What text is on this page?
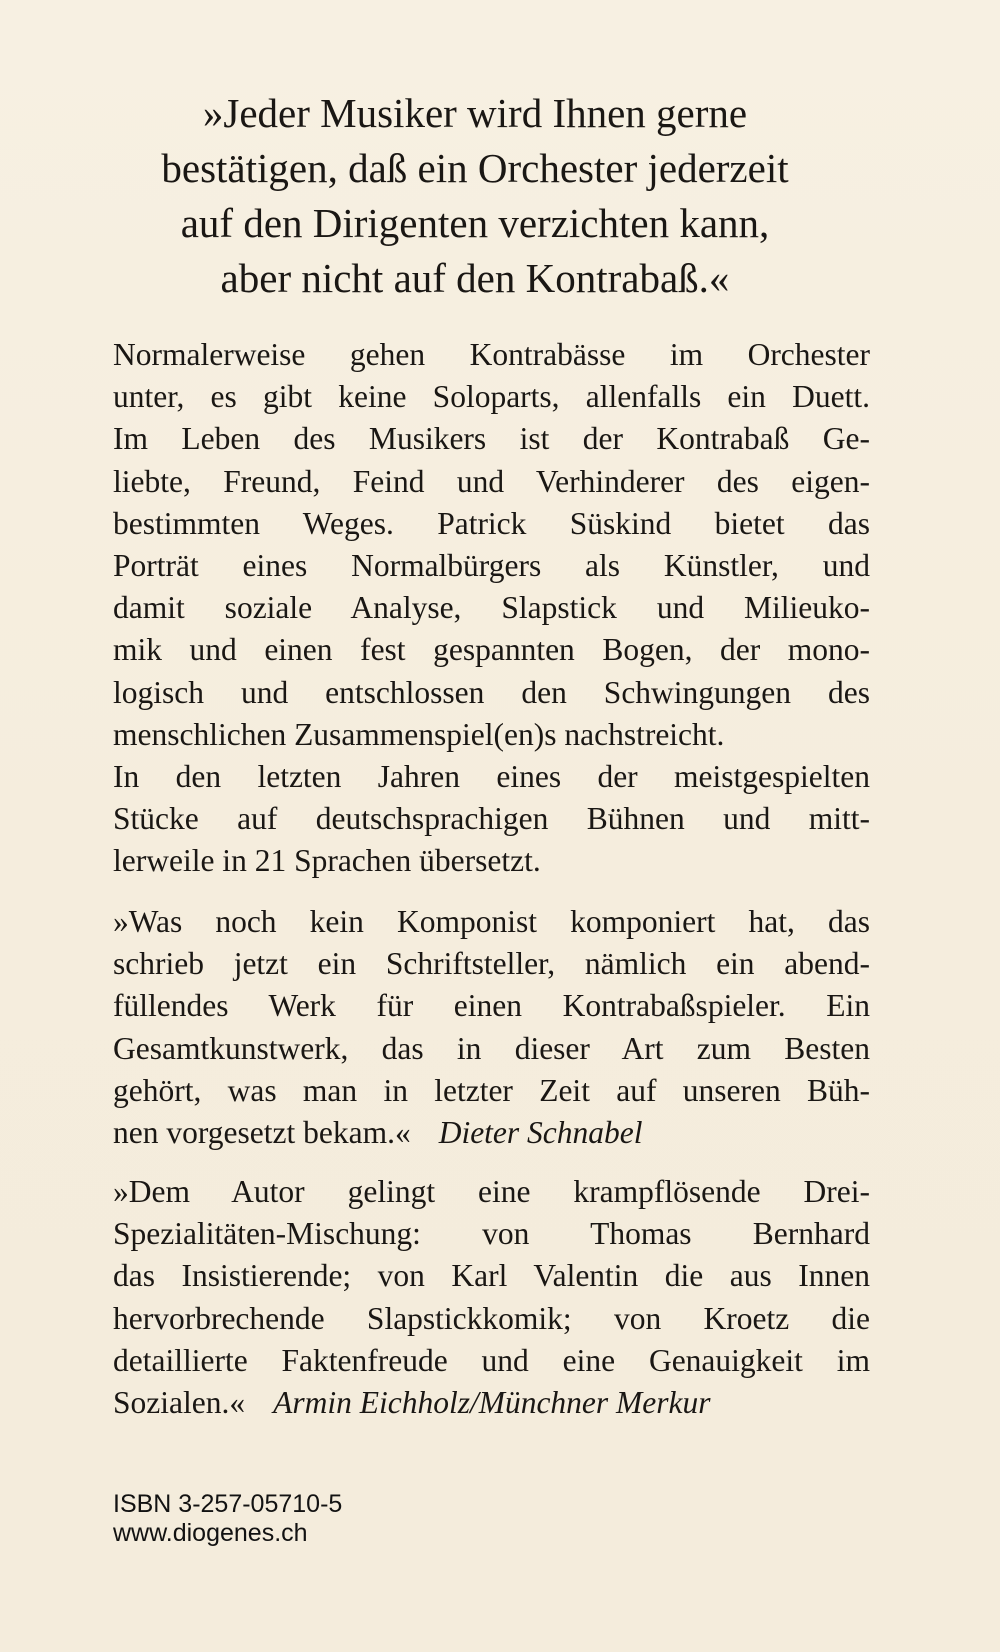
»Jeder Musiker wird Ihnen gerne
bestätigen, daß ein Orchester jederzeit
auf den Dirigenten verzichten kann,
aber nicht auf den Kontrabaß.«
Normalerweise gehen Kontrabässe im Orchester
unter, es gibt keine Soloparts, allenfalls ein Duett.
Im Leben des Musikers ist der Kontrabaß Ge-
liebte, Freund, Feind und Verhinderer des eigen-
bestimmten Weges. Patrick Süskind bietet das
Porträt eines Normalbürgers als Künstler, und
damit soziale Analyse, Slapstick und Milieuko-
mik und einen fest gespannten Bogen, der mono-
logisch und entschlossen den Schwingungen des
menschlichen Zusammenspiel(en)s nachstreicht.
In den letzten Jahren eines der meistgespielten
Stücke auf deutschsprachigen Bühnen und mitt-
lerweile in 21 Sprachen übersetzt.
»Was noch kein Komponist komponiert hat, das
schrieb jetzt ein Schriftsteller, nämlich ein abend-
füllendes Werk für einen Kontrabaßspieler. Ein
Gesamtkunstwerk, das in dieser Art zum Besten
gehört, was man in letzter Zeit auf unseren Büh-
nen vorgesetzt bekam.« Dieter Schnabel
»Dem Autor gelingt eine krampflösende Drei-
Spezialitäten-Mischung: von Thomas Bernhard
das Insistierende; von Karl Valentin die aus Innen
hervorbrechende Slapstickkomik; von Kroetz die
detaillierte Faktenfreude und eine Genauigkeit im
Sozialen.« Armin Eichholz/Münchner Merkur
ISBN 3-257-05710-5
www.diogenes.ch
